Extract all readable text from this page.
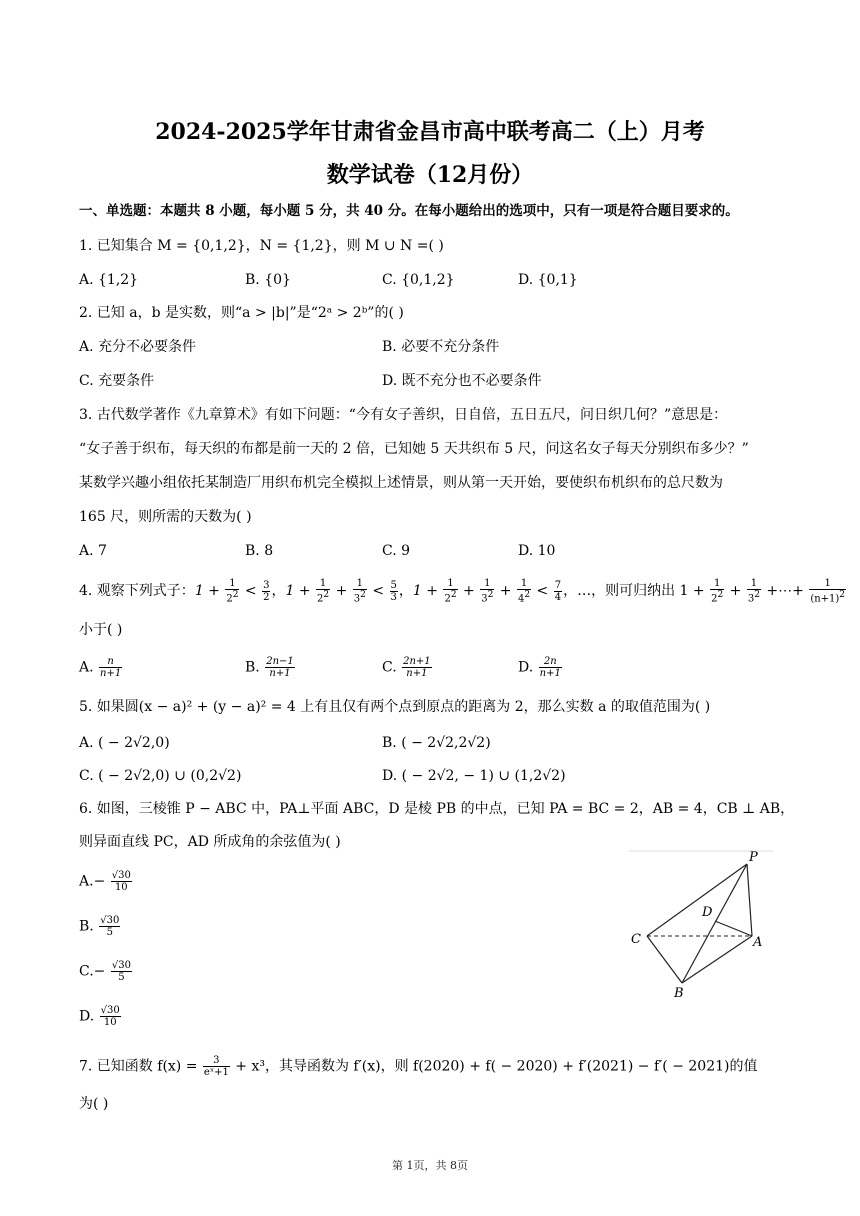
2024-2025学年甘肃省金昌市高中联考高二（上）月考
数学试卷（12月份）
一、单选题：本题共 8 小题，每小题 5 分，共 40 分。在每小题给出的选项中，只有一项是符合题目要求的。
1. 已知集合 M = {0,1,2}，N = {1,2}，则 M ∪ N =( )
A. {1,2}	B. {0}	C. {0,1,2}	D. {0,1}
2. 已知 a，b 是实数，则“a > |b|”是“2ᵃ > 2ᵇ”的( )
A. 充分不必要条件	B. 必要不充分条件
C. 充要条件	D. 既不充分也不必要条件
3. 古代数学著作《九章算术》有如下问题：“今有女子善织，日自倍，五日五尺，问日织几何？”意思是：
“女子善于织布，每天织的布都是前一天的 2 倍，已知她 5 天共织布 5 尺，问这名女子每天分别织布多少？”
某数学兴趣小组依托某制造厂用织布机完全模拟上述情景，则从第一天开始，要使织布机织布的总尺数为
165 尺，则所需的天数为( )
A. 7	B. 8	C. 9	D. 10
4. 观察下列式子：$1 + \frac{1}{2^2} < \frac{3}{2}$ ，$1 + \frac{1}{2^2} + \frac{1}{3^2} < \frac{5}{3}$ ，$1 + \frac{1}{2^2} + \frac{1}{3^2} + \frac{1}{4^2} < \frac{7}{4}$ ，…，则可归纳出 $1 + \frac{1}{2^2} + \frac{1}{3^2}$ +⋯+ $\frac{1}{(n+1)^2}$
小于( )
A. $\frac{n}{n+1}$	B. $\frac{2n-1}{n+1}$	C. $\frac{2n+1}{n+1}$	D. $\frac{2n}{n+1}$
5. 如果圆(x − a)² + (y − a)² = 4 上有且仅有两个点到原点的距离为 2，那么实数 a 的取值范围为( )
A. ( − 2√2,0)	B. ( − 2√2,2√2)
C. ( − 2√2,0) ∪ (0,2√2)	D. ( − 2√2, − 1) ∪ (1,2√2)
6. 如图，三棱锥 P − ABC 中，PA⊥平面 ABC，D 是棱 PB 的中点，已知 PA = BC = 2，AB = 4，CB ⊥ AB，
则异面直线 PC，AD 所成角的余弦值为( )
$A.- \frac{√30}{10}$
B. $\frac{√30}{5}$
$C.- \frac{√30}{5}$
D. $\frac{√30}{10}$
P
D
C	A
B
7. 已知函数 $f(x) = \frac{3}{\text{eˣ+1}} + x^3$，其导函数为 f′(x)，则 f(2020) + f( − 2020) + f′(2021) − f′( − 2021)的值
为( )
第 1页，共 8页
